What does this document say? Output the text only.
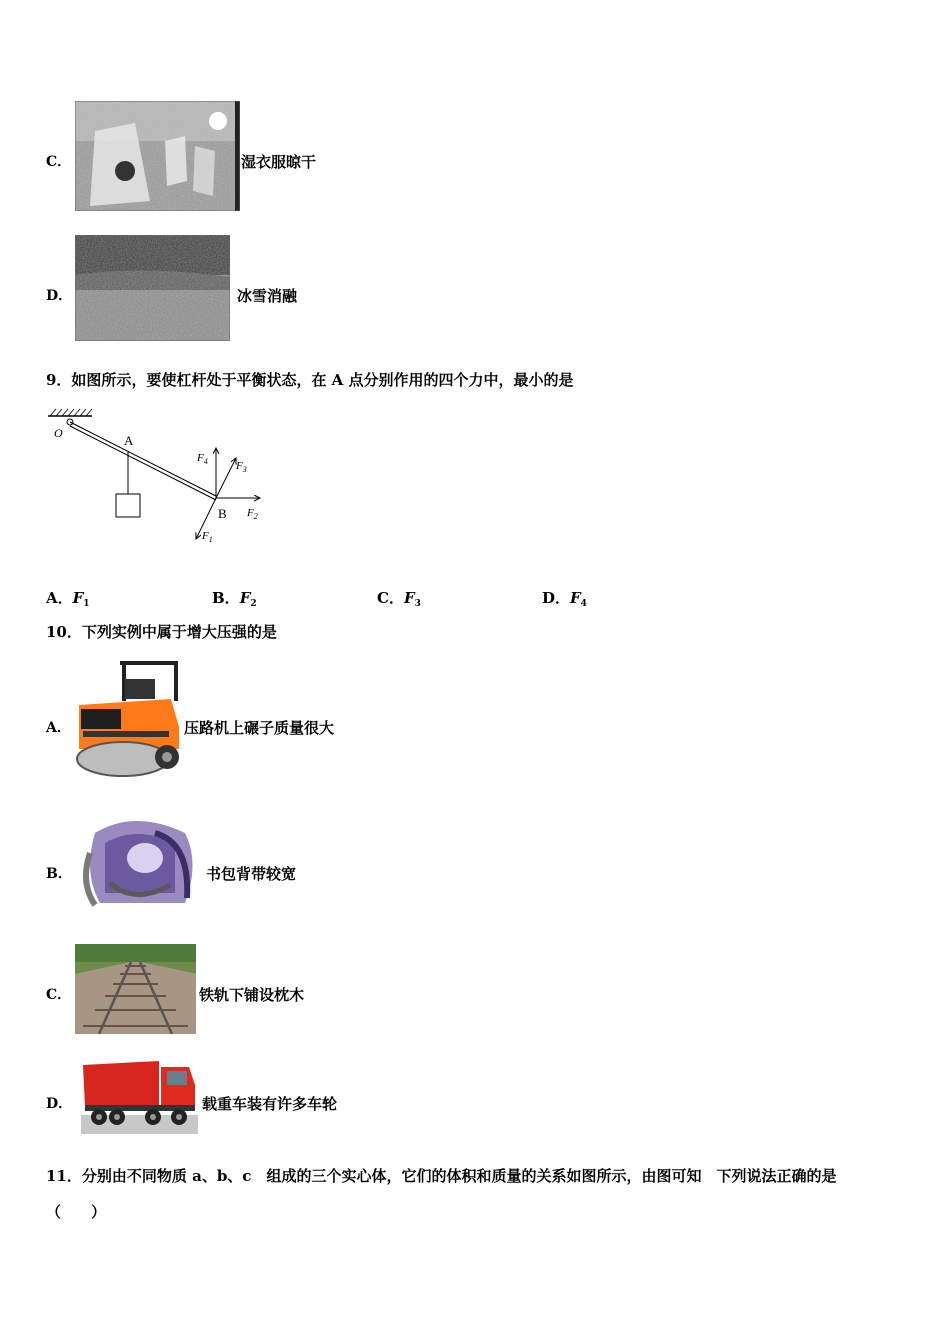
C．	湿衣服晾干
D．	冰雪消融
9．如图所示，要使杠杆处于平衡状态，在 A 点分别作用的四个力中，最小的是
O	A
B
$F_4$	$F_3$
$F_2$
$F_1$
A．$F_1$	B．$F_2$	C．$F_3$	D．$F_4$
10．下列实例中属于增大压强的是
A．	压路机上碾子质量很大
B．	书包背带较宽
C．	铁轨下铺设枕木
D．	载重车装有许多车轮
11．分别由不同物质 a、b、c　组成的三个实心体，它们的体积和质量的关系如图所示，由图可知　下列说法正确的是
（　　）
